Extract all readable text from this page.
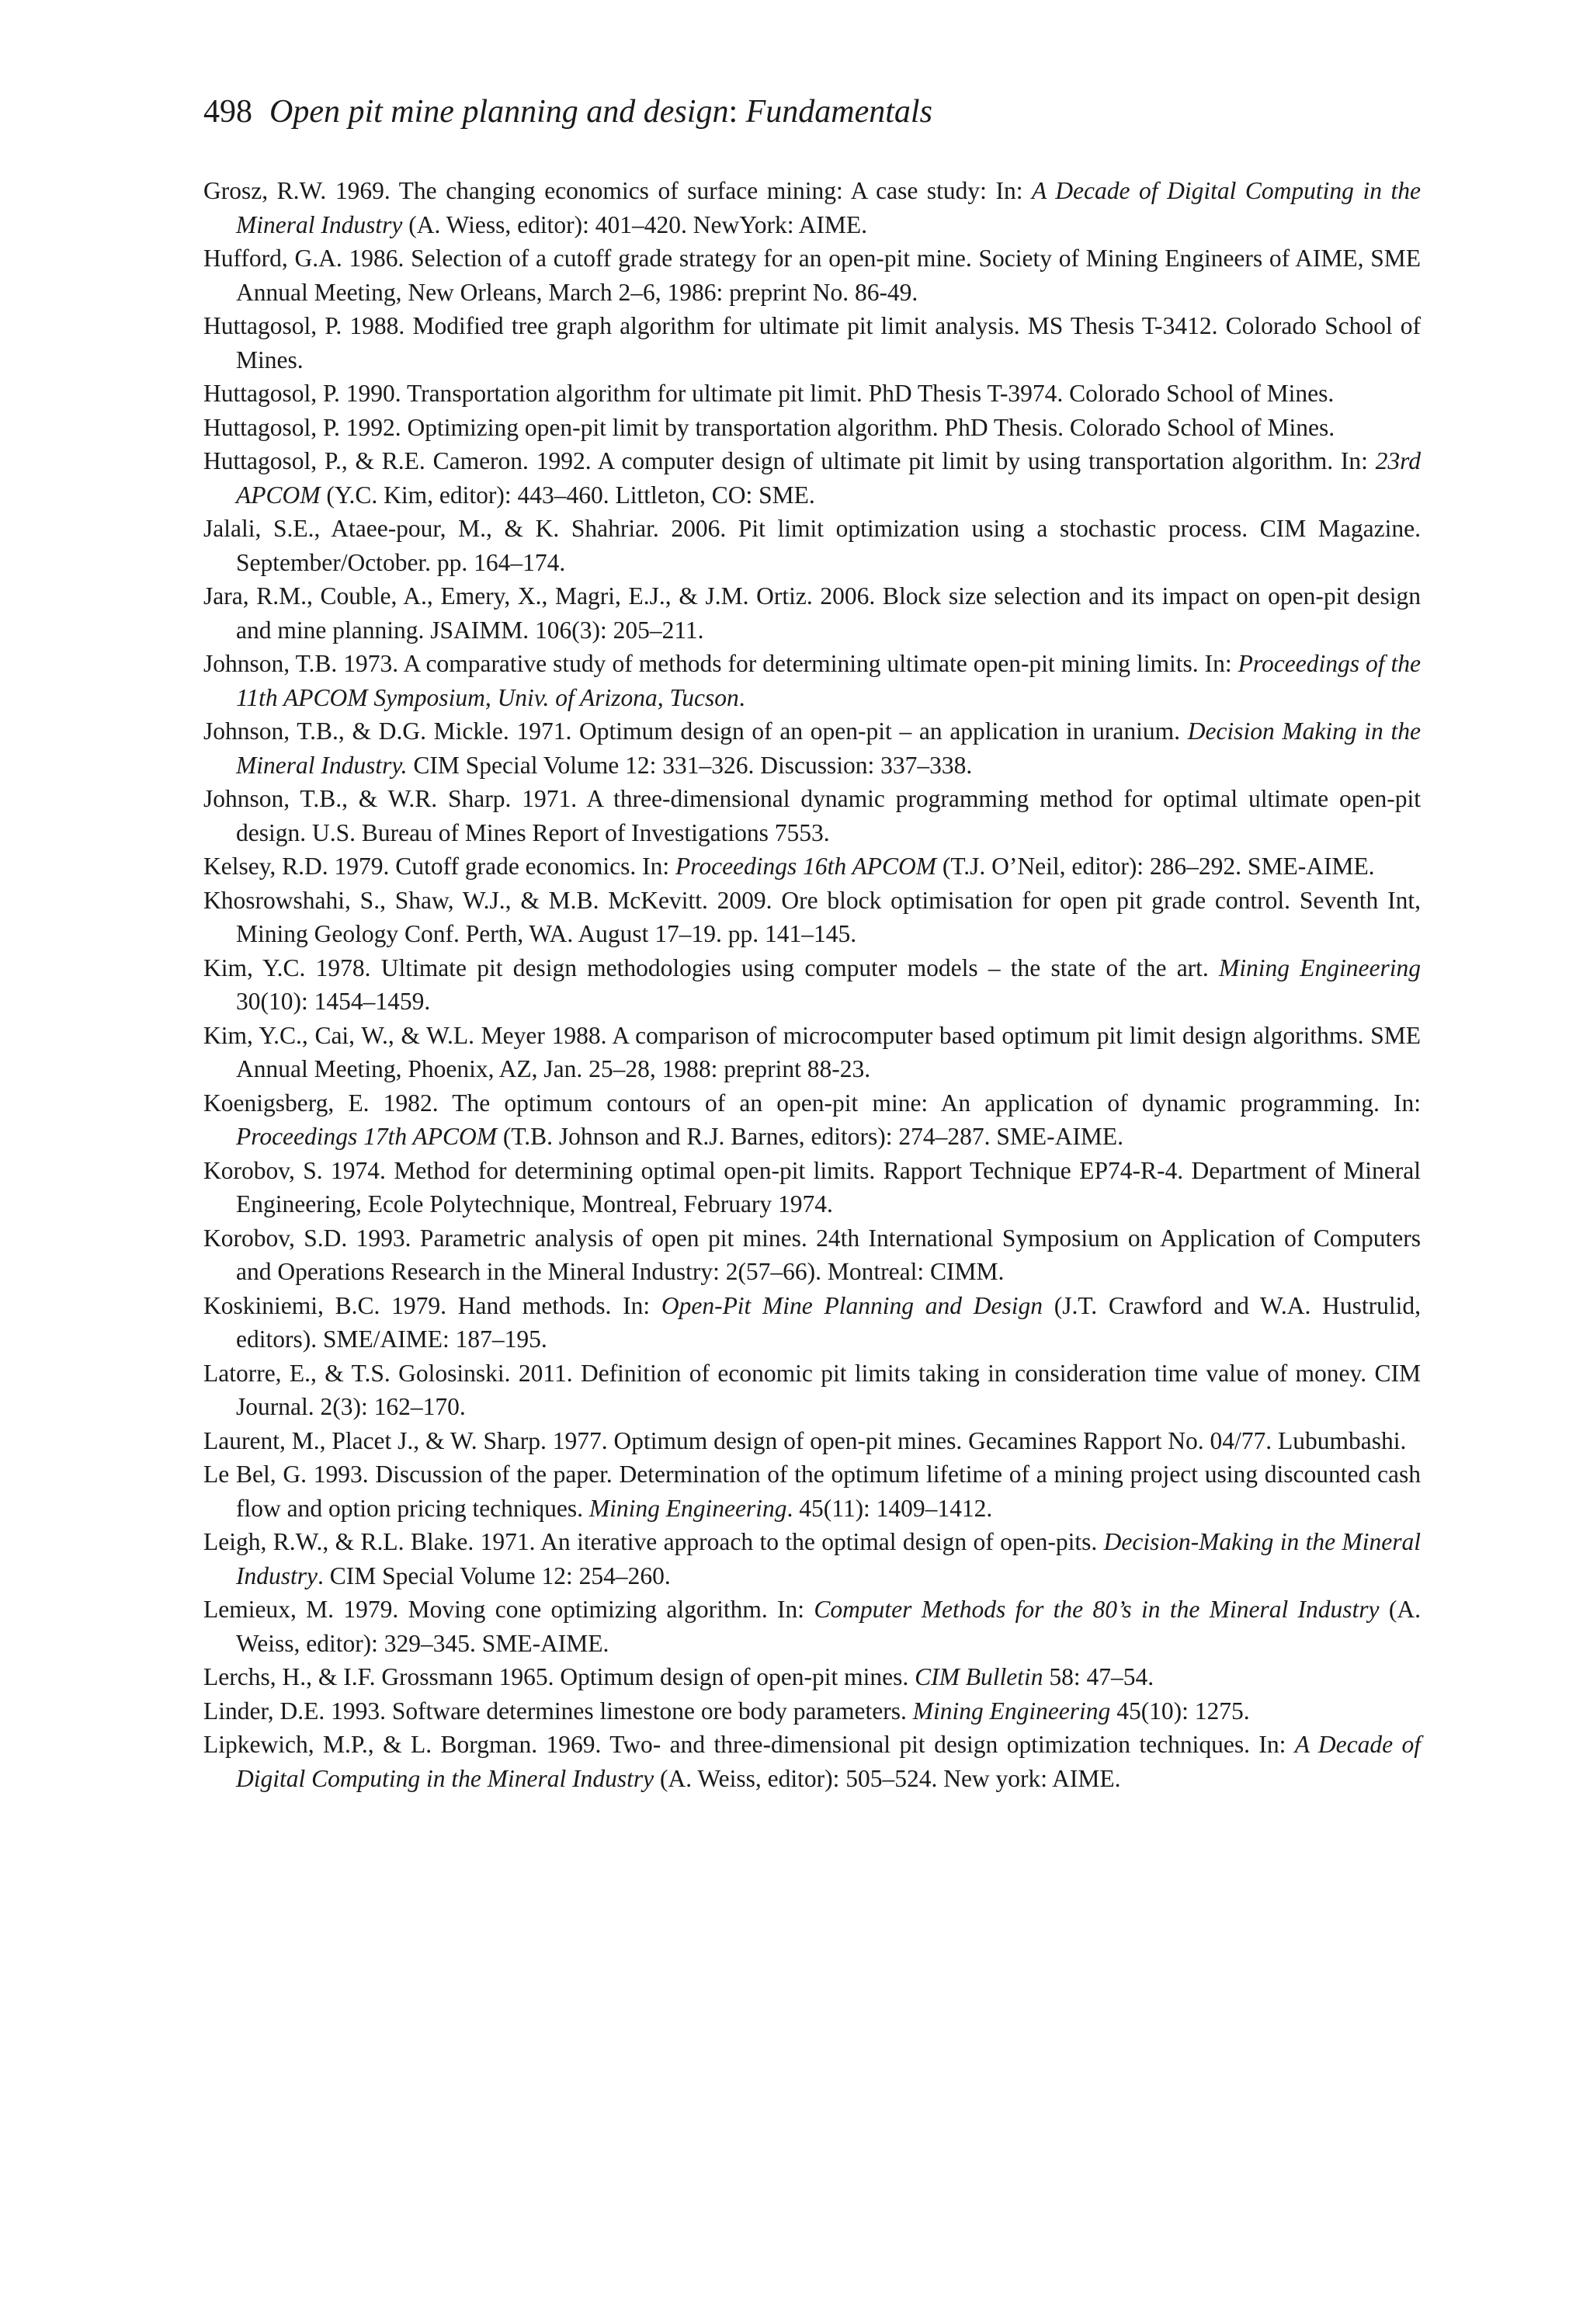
498 Open pit mine planning and design: Fundamentals

Grosz, R.W. 1969. The changing economics of surface mining: A case study: In: A Decade of Digital Computing in the Mineral Industry (A. Wiess, editor): 401–420. NewYork: AIME.

Hufford, G.A. 1986. Selection of a cutoff grade strategy for an open-pit mine. Society of Mining Engineers of AIME, SME Annual Meeting, New Orleans, March 2–6, 1986: preprint No. 86-49.

Huttagosol, P. 1988. Modified tree graph algorithm for ultimate pit limit analysis. MS Thesis T-3412. Colorado School of Mines.

Huttagosol, P. 1990. Transportation algorithm for ultimate pit limit. PhD Thesis T-3974. Colorado School of Mines.

Huttagosol, P. 1992. Optimizing open-pit limit by transportation algorithm. PhD Thesis. Colorado School of Mines.

Huttagosol, P., & R.E. Cameron. 1992. A computer design of ultimate pit limit by using transportation algorithm. In: 23rd APCOM (Y.C. Kim, editor): 443–460. Littleton, CO: SME.

Jalali, S.E., Ataee-pour, M., & K. Shahriar. 2006. Pit limit optimization using a stochastic process. CIM Magazine. September/October. pp. 164–174.

Jara, R.M., Couble, A., Emery, X., Magri, E.J., & J.M. Ortiz. 2006. Block size selection and its impact on open-pit design and mine planning. JSAIMM. 106(3): 205–211.

Johnson, T.B. 1973. A comparative study of methods for determining ultimate open-pit mining limits. In: Proceedings of the 11th APCOM Symposium, Univ. of Arizona, Tucson.

Johnson, T.B., & D.G. Mickle. 1971. Optimum design of an open-pit – an application in uranium. Decision Making in the Mineral Industry. CIM Special Volume 12: 331–326. Discussion: 337–338.

Johnson, T.B., & W.R. Sharp. 1971. A three-dimensional dynamic programming method for optimal ultimate open-pit design. U.S. Bureau of Mines Report of Investigations 7553.

Kelsey, R.D. 1979. Cutoff grade economics. In: Proceedings 16th APCOM (T.J. O’Neil, editor): 286–292. SME-AIME.

Khosrowshahi, S., Shaw, W.J., & M.B. McKevitt. 2009. Ore block optimisation for open pit grade control. Seventh Int, Mining Geology Conf. Perth, WA. August 17–19. pp. 141–145.

Kim, Y.C. 1978. Ultimate pit design methodologies using computer models – the state of the art. Mining Engineering 30(10): 1454–1459.

Kim, Y.C., Cai, W., & W.L. Meyer 1988. A comparison of microcomputer based optimum pit limit design algorithms. SME Annual Meeting, Phoenix, AZ, Jan. 25–28, 1988: preprint 88-23.

Koenigsberg, E. 1982. The optimum contours of an open-pit mine: An application of dynamic programming. In: Proceedings 17th APCOM (T.B. Johnson and R.J. Barnes, editors): 274–287. SME-AIME.

Korobov, S. 1974. Method for determining optimal open-pit limits. Rapport Technique EP74-R-4. Department of Mineral Engineering, Ecole Polytechnique, Montreal, February 1974.

Korobov, S.D. 1993. Parametric analysis of open pit mines. 24th International Symposium on Application of Computers and Operations Research in the Mineral Industry: 2(57–66). Montreal: CIMM.

Koskiniemi, B.C. 1979. Hand methods. In: Open-Pit Mine Planning and Design (J.T. Crawford and W.A. Hustrulid, editors). SME/AIME: 187–195.

Latorre, E., & T.S. Golosinski. 2011. Definition of economic pit limits taking in consideration time value of money. CIM Journal. 2(3): 162–170.

Laurent, M., Placet J., & W. Sharp. 1977. Optimum design of open-pit mines. Gecamines Rapport No. 04/77. Lubumbashi.

Le Bel, G. 1993. Discussion of the paper. Determination of the optimum lifetime of a mining project using discounted cash flow and option pricing techniques. Mining Engineering. 45(11): 1409–1412.

Leigh, R.W., & R.L. Blake. 1971. An iterative approach to the optimal design of open-pits. Decision-Making in the Mineral Industry. CIM Special Volume 12: 254–260.

Lemieux, M. 1979. Moving cone optimizing algorithm. In: Computer Methods for the 80’s in the Mineral Industry (A. Weiss, editor): 329–345. SME-AIME.

Lerchs, H., & I.F. Grossmann 1965. Optimum design of open-pit mines. CIM Bulletin 58: 47–54.

Linder, D.E. 1993. Software determines limestone ore body parameters. Mining Engineering 45(10): 1275.

Lipkewich, M.P., & L. Borgman. 1969. Two- and three-dimensional pit design optimization techniques. In: A Decade of Digital Computing in the Mineral Industry (A. Weiss, editor): 505–524. New york: AIME.
